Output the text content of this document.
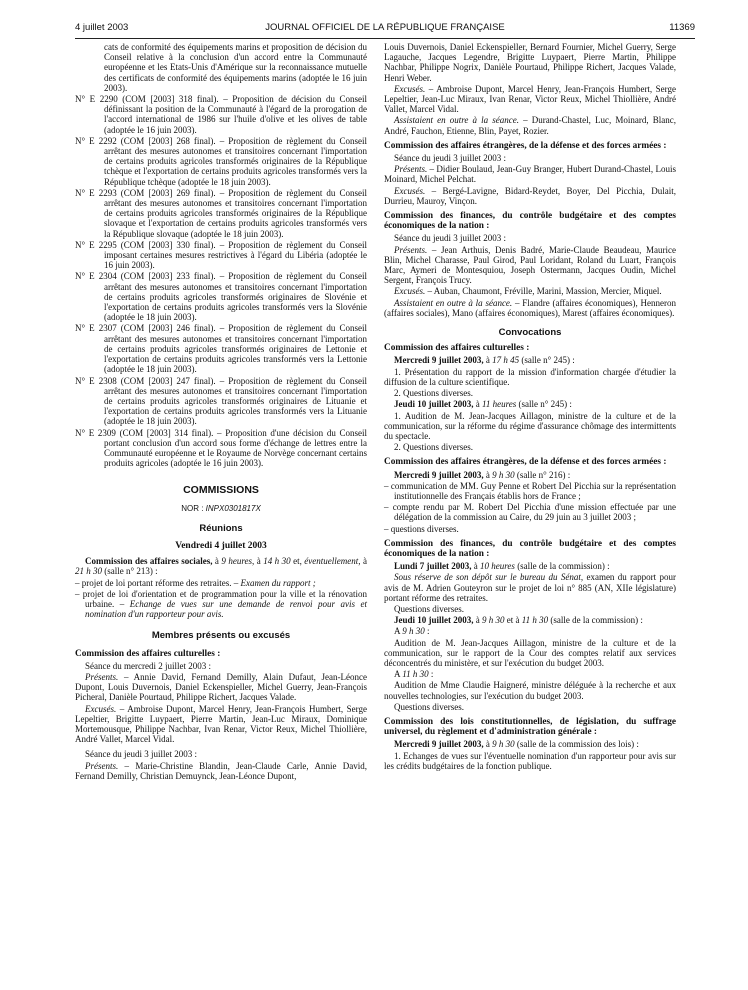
4 juillet 2003	JOURNAL OFFICIEL DE LA RÉPUBLIQUE FRANÇAISE	11369

cats de conformité des équipements marins et proposition de décision du Conseil relative à la conclusion d'un accord entre la Communauté européenne et les Etats-Unis d'Amérique sur la reconnaissance mutuelle des certificats de conformité des équipements marins (adoptée le 16 juin 2003).

N° E 2290 (COM [2003] 318 final). – Proposition de décision du Conseil définissant la position de la Communauté à l'égard de la prorogation de l'accord international de 1986 sur l'huile d'olive et les olives de table (adoptée le 16 juin 2003).

N° E 2292 (COM [2003] 268 final). – Proposition de règlement du Conseil arrêtant des mesures autonomes et transitoires concernant l'importation de certains produits agricoles transformés originaires de la République tchèque et l'exportation de certains produits agricoles transformés vers la République tchèque (adoptée le 18 juin 2003).

N° E 2293 (COM [2003] 269 final). – Proposition de règlement du Conseil arrêtant des mesures autonomes et transitoires concernant l'importation de certains produits agricoles transformés originaires de la République slovaque et l'exportation de certains produits agricoles transformés vers la République slovaque (adoptée le 18 juin 2003).

N° E 2295 (COM [2003] 330 final). – Proposition de règlement du Conseil imposant certaines mesures restrictives à l'égard du Libéria (adoptée le 16 juin 2003).

N° E 2304 (COM [2003] 233 final). – Proposition de règlement du Conseil arrêtant des mesures autonomes et transitoires concernant l'importation de certains produits agricoles transformés originaires de Slovénie et l'exportation de certains produits agricoles transformés vers la Slovénie (adoptée le 18 juin 2003).

N° E 2307 (COM [2003] 246 final). – Proposition de règlement du Conseil arrêtant des mesures autonomes et transitoires concernant l'importation de certains produits agricoles transformés originaires de Lettonie et l'exportation de certains produits agricoles transformés vers la Lettonie (adoptée le 18 juin 2003).

N° E 2308 (COM [2003] 247 final). – Proposition de règlement du Conseil arrêtant des mesures autonomes et transitoires concernant l'importation de certains produits agricoles transformés originaires de Lituanie et l'exportation de certains produits agricoles transformés vers la Lituanie (adoptée le 18 juin 2003).

N° E 2309 (COM [2003] 314 final). – Proposition d'une décision du Conseil portant conclusion d'un accord sous forme d'échange de lettres entre la Communauté européenne et le Royaume de Norvège concernant certains produits agricoles (adoptée le 16 juin 2003).

COMMISSIONS
NOR : INPX0301817X
Réunions
Vendredi 4 juillet 2003

Commission des affaires sociales, à 9 heures, à 14 h 30 et, éventuellement, à 21 h 30 (salle n° 213) :

– projet de loi portant réforme des retraites. – Examen du rapport ;

– projet de loi d'orientation et de programmation pour la ville et la rénovation urbaine. – Echange de vues sur une demande de renvoi pour avis et nomination d'un rapporteur pour avis.

Membres présents ou excusés

Commission des affaires culturelles :

Séance du mercredi 2 juillet 2003 :

Présents. – Annie David, Fernand Demilly, Alain Dufaut, Jean-Léonce Dupont, Louis Duvernois, Daniel Eckenspieller, Michel Guerry, Jean-François Picheral, Danièle Pourtaud, Philippe Richert, Jacques Valade.

Excusés. – Ambroise Dupont, Marcel Henry, Jean-François Humbert, Serge Lepeltier, Brigitte Luypaert, Pierre Martin, Jean-Luc Miraux, Dominique Mortemousque, Philippe Nachbar, Ivan Renar, Victor Reux, Michel Thiollière, André Vallet, Marcel Vidal.

Séance du jeudi 3 juillet 2003 :

Présents. – Marie-Christine Blandin, Jean-Claude Carle, Annie David, Fernand Demilly, Christian Demuynck, Jean-Léonce Dupont,

Louis Duvernois, Daniel Eckenspieller, Bernard Fournier, Michel Guerry, Serge Lagauche, Jacques Legendre, Brigitte Luypaert, Pierre Martin, Philippe Nachbar, Philippe Nogrix, Danièle Pourtaud, Philippe Richert, Jacques Valade, Henri Weber.

Excusés. – Ambroise Dupont, Marcel Henry, Jean-François Humbert, Serge Lepeltier, Jean-Luc Miraux, Ivan Renar, Victor Reux, Michel Thiollière, André Vallet, Marcel Vidal.

Assistaient en outre à la séance. – Durand-Chastel, Luc, Moinard, Blanc, André, Fauchon, Etienne, Blin, Payet, Rozier.

Commission des affaires étrangères, de la défense et des forces armées :

Séance du jeudi 3 juillet 2003 :

Présents. – Didier Boulaud, Jean-Guy Branger, Hubert Durand-Chastel, Louis Moinard, Michel Pelchat.

Excusés. – Bergé-Lavigne, Bidard-Reydet, Boyer, Del Picchia, Dulait, Durrieu, Mauroy, Vinçon.

Commission des finances, du contrôle budgétaire et des comptes économiques de la nation :

Séance du jeudi 3 juillet 2003 :

Présents. – Jean Arthuis, Denis Badré, Marie-Claude Beaudeau, Maurice Blin, Michel Charasse, Paul Girod, Paul Loridant, Roland du Luart, François Marc, Aymeri de Montesquiou, Joseph Ostermann, Jacques Oudin, Michel Sergent, François Trucy.

Excusés. – Auban, Chaumont, Fréville, Marini, Massion, Mercier, Miquel.

Assistaient en outre à la séance. – Flandre (affaires économiques), Henneron (affaires sociales), Mano (affaires économiques), Marest (affaires économiques).

Convocations

Commission des affaires culturelles :

Mercredi 9 juillet 2003, à 17 h 45 (salle n° 245) :

1. Présentation du rapport de la mission d'information chargée d'étudier la diffusion de la culture scientifique.

2. Questions diverses.

Jeudi 10 juillet 2003, à 11 heures (salle n° 245) :

1. Audition de M. Jean-Jacques Aillagon, ministre de la culture et de la communication, sur la réforme du régime d'assurance chômage des intermittents du spectacle.

2. Questions diverses.

Commission des affaires étrangères, de la défense et des forces armées :

Mercredi 9 juillet 2003, à 9 h 30 (salle n° 216) :

– communication de MM. Guy Penne et Robert Del Picchia sur la représentation institutionnelle des Français établis hors de France ;

– compte rendu par M. Robert Del Picchia d'une mission effectuée par une délégation de la commission au Caire, du 29 juin au 3 juillet 2003 ;

– questions diverses.

Commission des finances, du contrôle budgétaire et des comptes économiques de la nation :

Lundi 7 juillet 2003, à 10 heures (salle de la commission) :

Sous réserve de son dépôt sur le bureau du Sénat, examen du rapport pour avis de M. Adrien Gouteyron sur le projet de loi n° 885 (AN, XIIe législature) portant réforme des retraites.

Questions diverses.

Jeudi 10 juillet 2003, à 9 h 30 et à 11 h 30 (salle de la commission) :

A 9 h 30 :

Audition de M. Jean-Jacques Aillagon, ministre de la culture et de la communication, sur le rapport de la Cour des comptes relatif aux services déconcentrés du ministère, et sur l'exécution du budget 2003.

A 11 h 30 :

Audition de Mme Claudie Haigneré, ministre déléguée à la recherche et aux nouvelles technologies, sur l'exécution du budget 2003.

Questions diverses.

Commission des lois constitutionnelles, de législation, du suffrage universel, du règlement et d'administration générale :

Mercredi 9 juillet 2003, à 9 h 30 (salle de la commission des lois) :

1. Echanges de vues sur l'éventuelle nomination d'un rapporteur pour avis sur les crédits budgétaires de la fonction publique.
